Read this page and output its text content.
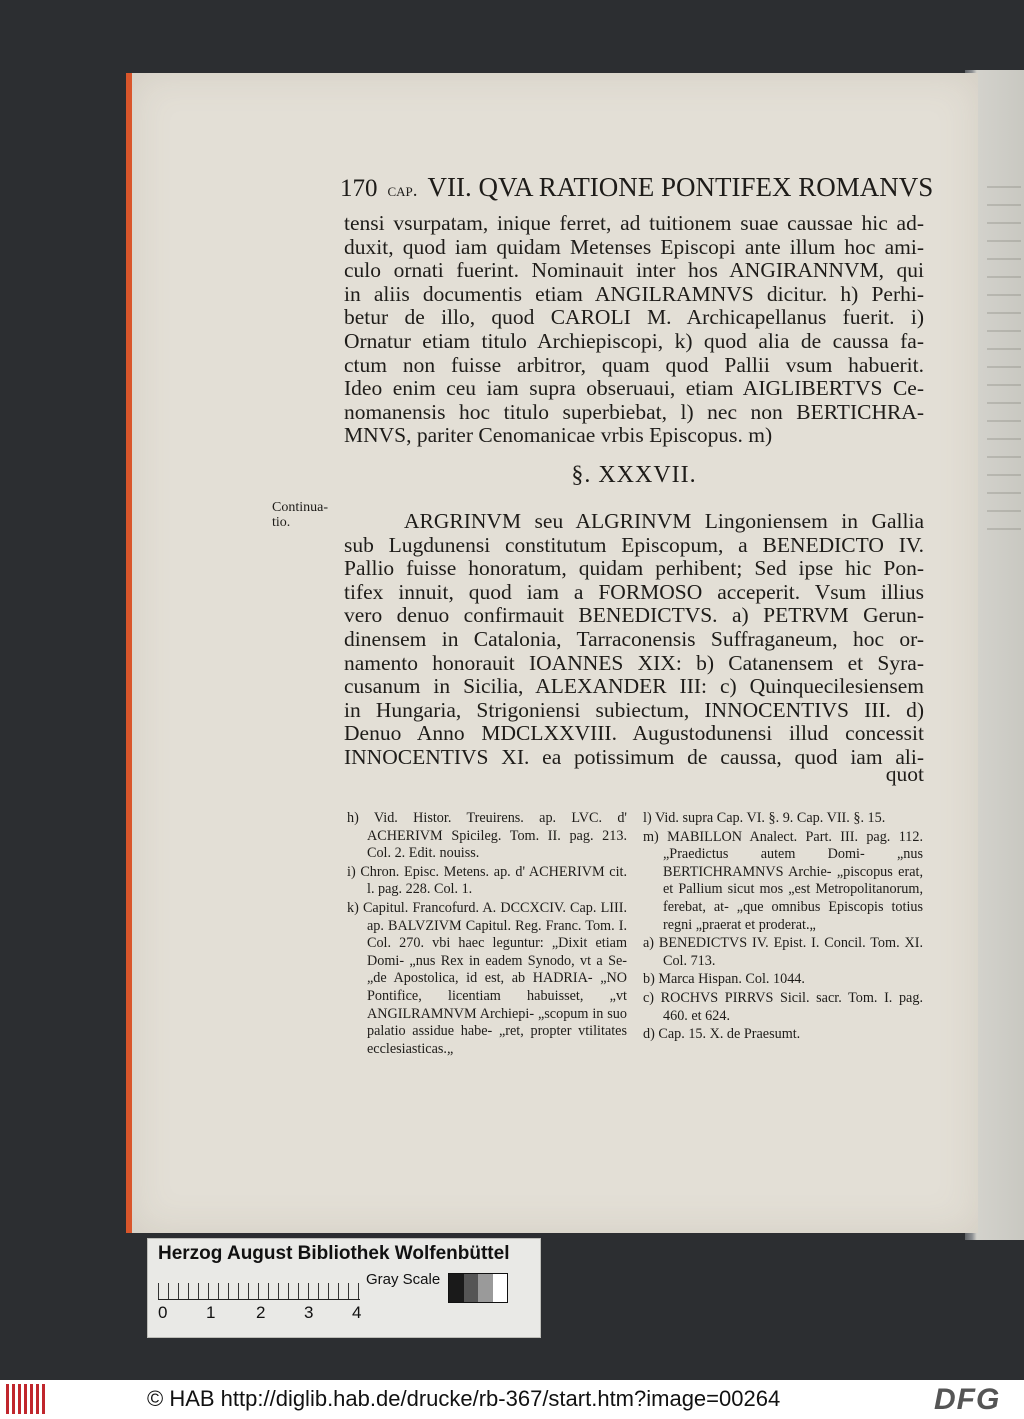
170 cap. VII. QVA RATIONE PONTIFEX ROMANVS
tensi vsurpatam, inique ferret, ad tuitionem suae caussae hic ad-
duxit, quod iam quidam Metenses Episcopi ante illum hoc ami-
culo ornati fuerint. Nominauit inter hos ANGIRANNVM, qui
in aliis documentis etiam ANGILRAMNVS dicitur. h) Perhi-
betur de illo, quod CAROLI M. Archicapellanus fuerit. i)
Ornatur etiam titulo Archiepiscopi, k) quod alia de caussa fa-
ctum non fuisse arbitror, quam quod Pallii vsum habuerit.
Ideo enim ceu iam supra obseruaui, etiam AIGLIBERTVS Ce-
nomanensis hoc titulo superbiebat, l) nec non BERTICHRA-
MNVS, pariter Cenomanicae vrbis Episcopus. m)
§. XXXVII.
Continua-tio.	ARGRINVM seu ALGRINVM Lingoniensem in Gallia
sub Lugdunensi constitutum Episcopum, a BENEDICTO IV.
Pallio fuisse honoratum, quidam perhibent; Sed ipse hic Pon-
tifex innuit, quod iam a FORMOSO acceperit. Vsum illius
vero denuo confirmauit BENEDICTVS. a) PETRVM Gerun-
dinensem in Catalonia, Tarraconensis Suffraganeum, hoc or-
namento honorauit IOANNES XIX: b) Catanensem et Syra-
cusanum in Sicilia, ALEXANDER III: c) Quinquecilesiensem
in Hungaria, Strigoniensi subiectum, INNOCENTIVS III. d)
Denuo Anno MDCLXXVIII. Augustodunensi illud concessit
INNOCENTIVS XI. ea potissimum de caussa, quod iam ali-
quot
h) Vid. Histor. Treuirens. ap. LVC. d' ACHERIVM Spicileg. Tom. II. pag. 213. Col. 2. Edit. nouiss.
i) Chron. Episc. Metens. ap. d' ACHERIVM cit. l. pag. 228. Col. 1.
k) Capitul. Francofurd. A. DCCXCIV. Cap. LIII. ap. BALVZIVM Capitul. Reg. Franc. Tom. I. Col. 270. vbi haec leguntur: „Dixit etiam Domi- „nus Rex in eadem Synodo, vt a Se- „de Apostolica, id est, ab HADRIA- „NO Pontifice, licentiam habuisset, „vt ANGILRAMNVM Archiepi- „scopum in suo palatio assidue habe- „ret, propter vtilitates ecclesiasticas.„
l) Vid. supra Cap. VI. §. 9. Cap. VII. §. 15.
m) MABILLON Analect. Part. III. pag. 112. „Praedictus autem Domi- „nus BERTICHRAMNVS Archie- „piscopus erat, et Pallium sicut mos „est Metropolitanorum, ferebat, at- „que omnibus Episcopis totius regni „praerat et proderat.„
a) BENEDICTVS IV. Epist. I. Concil. Tom. XI. Col. 713.
b) Marca Hispan. Col. 1044.
c) ROCHVS PIRRVS Sicil. sacr. Tom. I. pag. 460. et 624.
d) Cap. 15. X. de Praesumt.
Herzog August Bibliothek Wolfenbüttel
0 1 2 3 4
Gray Scale
© HAB http://diglib.hab.de/drucke/rb-367/start.htm?image=00264	DFG
